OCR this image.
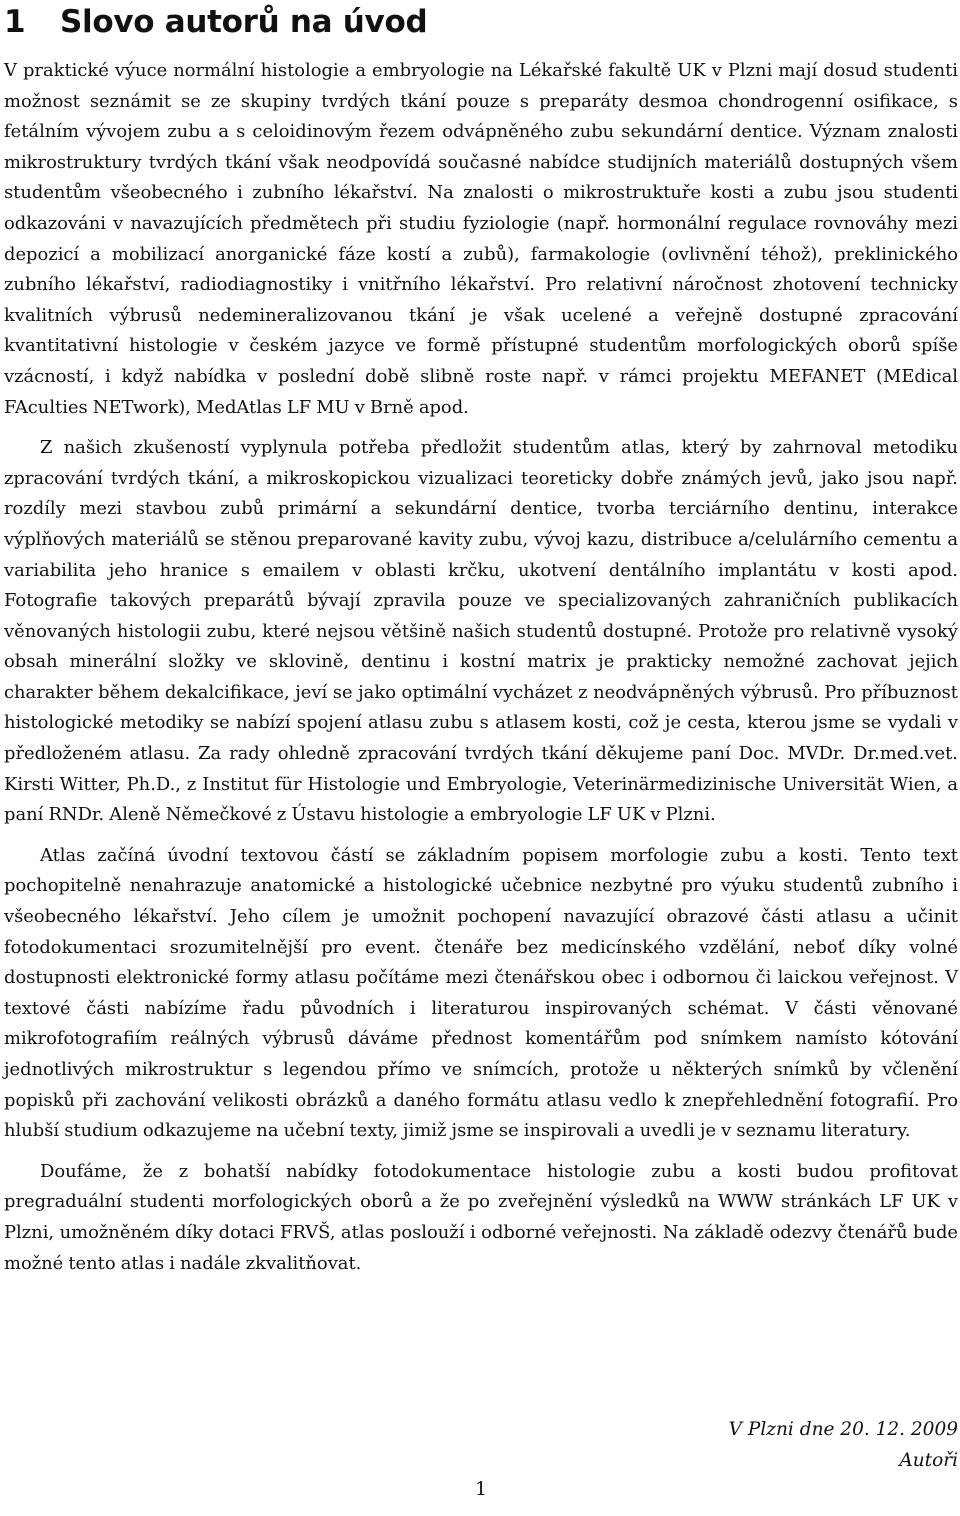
1	Slovo autorů na úvod

V praktické výuce normální histologie a embryologie na Lékařské fakultě UK v Plzni mají dosud studenti možnost seznámit se ze skupiny tvrdých tkání pouze s preparáty desmoa chondrogenní osifikace, s fetálním vývojem zubu a s celoidinovým řezem odvápněného zubu sekundární dentice. Význam znalosti mikrostruktury tvrdých tkání však neodpovídá současné nabídce studijních materiálů dostupných všem studentům všeobecného i zubního lékařství. Na znalosti o mikrostruktuře kosti a zubu jsou studenti odkazováni v navazujících předmětech při studiu fyziologie (např. hormonální regulace rovnováhy mezi depozicí a mobilizací anorganické fáze kostí a zubů), farmakologie (ovlivnění téhož), preklinického zubního lékařství, radiodiagnostiky i vnitřního lékařství. Pro relativní náročnost zhotovení technicky kvalitních výbrusů nedemineralizovanou tkání je však ucelené a veřejně dostupné zpracování kvantitativní histologie v českém jazyce ve formě přístupné studentům morfologických oborů spíše vzácností, i když nabídka v poslední době slibně roste např. v rámci projektu MEFANET (MEdical FAculties NETwork), MedAtlas LF MU v Brně apod.

Z našich zkušeností vyplynula potřeba předložit studentům atlas, který by zahrnoval metodiku zpracování tvrdých tkání, a mikroskopickou vizualizaci teoreticky dobře známých jevů, jako jsou např. rozdíly mezi stavbou zubů primární a sekundární dentice, tvorba terciárního dentinu, interakce výplňových materiálů se stěnou preparované kavity zubu, vývoj kazu, distribuce a/celulárního cementu a variabilita jeho hranice s emailem v oblasti krčku, ukotvení dentálního implantátu v kosti apod. Fotografie takových preparátů bývají zpravila pouze ve specializovaných zahraničních publikacích věnovaných histologii zubu, které nejsou většině našich studentů dostupné. Protože pro relativně vysoký obsah minerální složky ve sklovině, dentinu i kostní matrix je prakticky nemožné zachovat jejich charakter během dekalcifikace, jeví se jako optimální vycházet z neodvápněných výbrusů. Pro příbuznost histologické metodiky se nabízí spojení atlasu zubu s atlasem kosti, což je cesta, kterou jsme se vydali v předloženém atlasu. Za rady ohledně zpracování tvrdých tkání děkujeme paní Doc. MVDr. Dr.med.vet. Kirsti Witter, Ph.D., z Institut für Histologie und Embryologie, Veterinärmedizinische Universität Wien, a paní RNDr. Aleně Němečkové z Ústavu histologie a embryologie LF UK v Plzni.

Atlas začíná úvodní textovou částí se základním popisem morfologie zubu a kosti. Tento text pochopitelně nenahrazuje anatomické a histologické učebnice nezbytné pro výuku studentů zubního i všeobecného lékařství. Jeho cílem je umožnit pochopení navazující obrazové části atlasu a učinit fotodokumentaci srozumitelnější pro event. čtenáře bez medicínského vzdělání, neboť díky volné dostupnosti elektronické formy atlasu počítáme mezi čtenářskou obec i odbornou či laickou veřejnost. V textové části nabízíme řadu původních i literaturou inspirovaných schémat. V části věnované mikrofotografiím reálných výbrusů dáváme přednost komentářům pod snímkem namísto kótování jednotlivých mikrostruktur s legendou přímo ve snímcích, protože u některých snímků by včlenění popisků při zachování velikosti obrázků a daného formátu atlasu vedlo k znepřehlednění fotografií. Pro hlubší studium odkazujeme na učební texty, jimiž jsme se inspirovali a uvedli je v seznamu literatury.

Doufáme, že z bohatší nabídky fotodokumentace histologie zubu a kosti budou profitovat pregraduální studenti morfologických oborů a že po zveřejnění výsledků na WWW stránkách LF UK v Plzni, umožněném díky dotaci FRVŠ, atlas poslouží i odborné veřejnosti. Na základě odezvy čtenářů bude možné tento atlas i nadále zkvalitňovat.

V Plzni dne 20. 12. 2009
Autoři
1
